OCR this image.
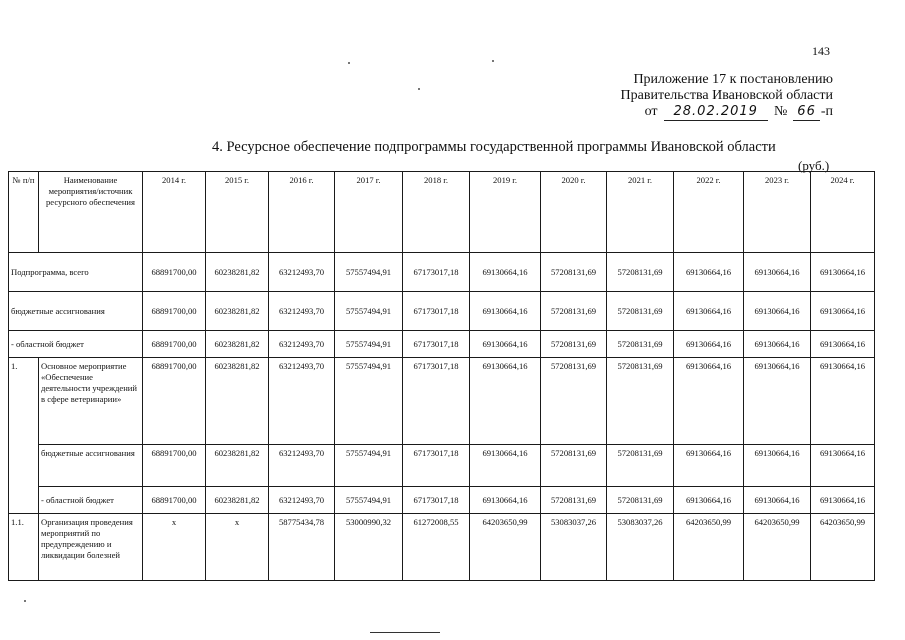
143
Приложение 17 к постановлению
Правительства Ивановской области
от	28.02.2019	№ 66 -п
4. Ресурсное обеспечение подпрограммы государственной программы Ивановской области
(руб.)
№ п/п	Наименование мероприятия/источник ресурсного обеспечения	2014 г.	2015 г.	2016 г.	2017 г.	2018 г.	2019 г.	2020 г.	2021 г.	2022 г.	2023 г.	2024 г.
Подпрограмма, всего		68891700,00	60238281,82	63212493,70	57557494,91	67173017,18	69130664,16	57208131,69	57208131,69	69130664,16	69130664,16	69130664,16
бюджетные ассигнования		68891700,00	60238281,82	63212493,70	57557494,91	67173017,18	69130664,16	57208131,69	57208131,69	69130664,16	69130664,16	69130664,16
- областной бюджет		68891700,00	60238281,82	63212493,70	57557494,91	67173017,18	69130664,16	57208131,69	57208131,69	69130664,16	69130664,16	69130664,16
1.	Основное мероприятие «Обеспечение деятельности учреждений в сфере ветеринарии»	68891700,00	60238281,82	63212493,70	57557494,91	67173017,18	69130664,16	57208131,69	57208131,69	69130664,16	69130664,16	69130664,16
	бюджетные ассигнования	68891700,00	60238281,82	63212493,70	57557494,91	67173017,18	69130664,16	57208131,69	57208131,69	69130664,16	69130664,16	69130664,16
	- областной бюджет	68891700,00	60238281,82	63212493,70	57557494,91	67173017,18	69130664,16	57208131,69	57208131,69	69130664,16	69130664,16	69130664,16
1.1.	Организация проведения мероприятий по предупреждению и ликвидации болезней	х	х	58775434,78	53000990,32	61272008,55	64203650,99	53083037,26	53083037,26	64203650,99	64203650,99	64203650,99
